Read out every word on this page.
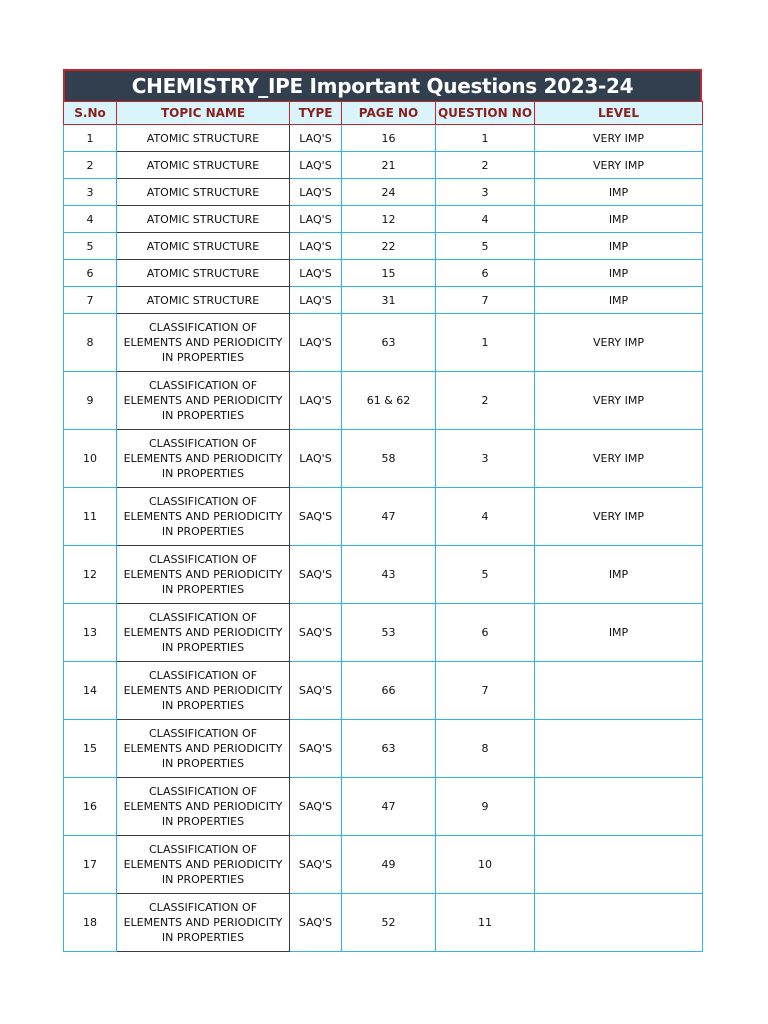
CHEMISTRY_IPE Important Questions 2023-24
S.No	TOPIC NAME	TYPE	PAGE NO	QUESTION NO	LEVEL
1	ATOMIC STRUCTURE	LAQ'S	16	1	VERY IMP
2	ATOMIC STRUCTURE	LAQ'S	21	2	VERY IMP
3	ATOMIC STRUCTURE	LAQ'S	24	3	IMP
4	ATOMIC STRUCTURE	LAQ'S	12	4	IMP
5	ATOMIC STRUCTURE	LAQ'S	22	5	IMP
6	ATOMIC STRUCTURE	LAQ'S	15	6	IMP
7	ATOMIC STRUCTURE	LAQ'S	31	7	IMP
8	CLASSIFICATION OF ELEMENTS AND PERIODICITY IN PROPERTIES	LAQ'S	63	1	VERY IMP
9	CLASSIFICATION OF ELEMENTS AND PERIODICITY IN PROPERTIES	LAQ'S	61 & 62	2	VERY IMP
10	CLASSIFICATION OF ELEMENTS AND PERIODICITY IN PROPERTIES	LAQ'S	58	3	VERY IMP
11	CLASSIFICATION OF ELEMENTS AND PERIODICITY IN PROPERTIES	SAQ'S	47	4	VERY IMP
12	CLASSIFICATION OF ELEMENTS AND PERIODICITY IN PROPERTIES	SAQ'S	43	5	IMP
13	CLASSIFICATION OF ELEMENTS AND PERIODICITY IN PROPERTIES	SAQ'S	53	6	IMP
14	CLASSIFICATION OF ELEMENTS AND PERIODICITY IN PROPERTIES	SAQ'S	66	7	
15	CLASSIFICATION OF ELEMENTS AND PERIODICITY IN PROPERTIES	SAQ'S	63	8	
16	CLASSIFICATION OF ELEMENTS AND PERIODICITY IN PROPERTIES	SAQ'S	47	9	
17	CLASSIFICATION OF ELEMENTS AND PERIODICITY IN PROPERTIES	SAQ'S	49	10	
18	CLASSIFICATION OF ELEMENTS AND PERIODICITY IN PROPERTIES	SAQ'S	52	11	
